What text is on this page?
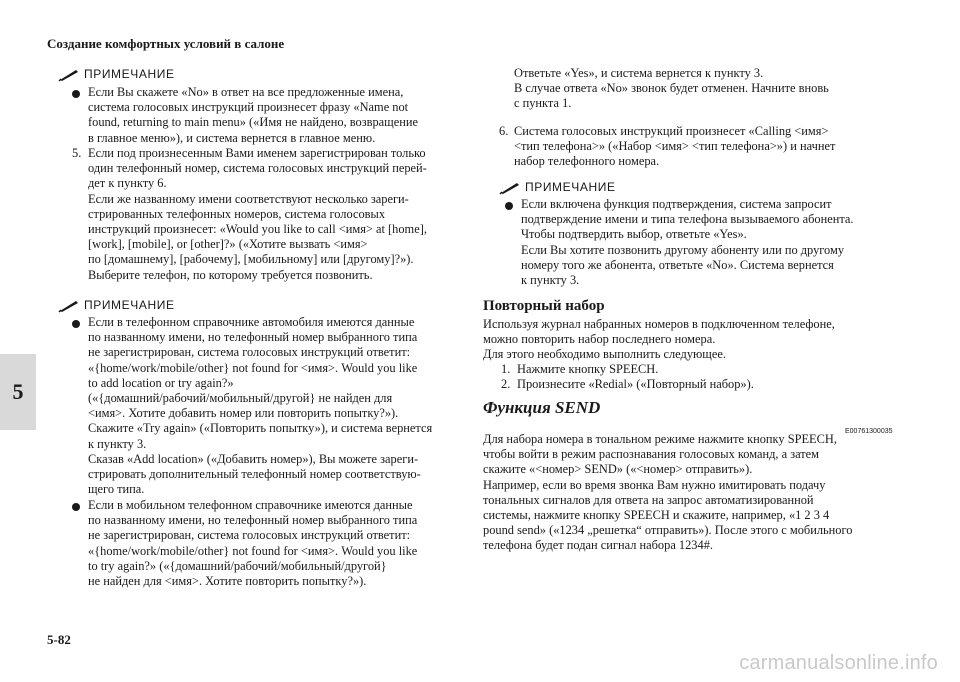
Создание комфортных условий в салоне
5
5-82
carmanualsonline.info
ПРИМЕЧАНИЕ
Если Вы скажете «No» в ответ на все предложенные имена,
система голосовых инструкций произнесет фразу «Name not
found, returning to main menu» («Имя не найдено, возвращение
в главное меню»), и система вернется в главное меню.
5. Если под произнесенным Вами именем зарегистрирован только
один телефонный номер, система голосовых инструкций перей-
дет к пункту 6.
Если же названному имени соответствуют несколько зареги-
стрированных телефонных номеров, система голосовых
инструкций произнесет: «Would you like to call <имя> at [home],
[work], [mobile], or [other]?» («Хотите вызвать <имя>
по [домашнему], [рабочему], [мобильному] или [другому]?»).
Выберите телефон, по которому требуется позвонить.
ПРИМЕЧАНИЕ
Если в телефонном справочнике автомобиля имеются данные
по названному имени, но телефонный номер выбранного типа
не зарегистрирован, система голосовых инструкций ответит:
«{home/work/mobile/other} not found for <имя>. Would you like
to add location or try again?»
(«{домашний/рабочий/мобильный/другой} не найден для
<имя>. Хотите добавить номер или повторить попытку?»).
Скажите «Try again» («Повторить попытку»), и система вернется
к пункту 3.
Сказав «Add location» («Добавить номер»), Вы можете зареги-
стрировать дополнительный телефонный номер соответствую-
щего типа.
Если в мобильном телефонном справочнике имеются данные
по названному имени, но телефонный номер выбранного типа
не зарегистрирован, система голосовых инструкций ответит:
«{home/work/mobile/other} not found for <имя>. Would you like
to try again?» («{домашний/рабочий/мобильный/другой}
не найден для <имя>. Хотите повторить попытку?»).
Ответьте «Yes», и система вернется к пункту 3.
В случае ответа «No» звонок будет отменен. Начните вновь
с пункта 1.
6. Система голосовых инструкций произнесет «Calling <имя>
<тип телефона>» («Набор <имя> <тип телефона>») и начнет
набор телефонного номера.
ПРИМЕЧАНИЕ
Если включена функция подтверждения, система запросит
подтверждение имени и типа телефона вызываемого абонента.
Чтобы подтвердить выбор, ответьте «Yes».
Если Вы хотите позвонить другому абоненту или по другому
номеру того же абонента, ответьте «No». Система вернется
к пункту 3.
Повторный набор
Используя журнал набранных номеров в подключенном телефоне,
можно повторить набор последнего номера.
Для этого необходимо выполнить следующее.
1. Нажмите кнопку SPEECH.
2. Произнесите «Redial» («Повторный набор»).
Функция SEND
E00761300035
Для набора номера в тональном режиме нажмите кнопку SPEECH,
чтобы войти в режим распознавания голосовых команд, а затем
скажите «<номер> SEND» («<номер> отправить»).
Например, если во время звонка Вам нужно имитировать подачу
тональных сигналов для ответа на запрос автоматизированной
системы, нажмите кнопку SPEECH и скажите, например, «1 2 3 4
pound send» («1234 „решетка“ отправить»). После этого с мобильного
телефона будет подан сигнал набора 1234#.
